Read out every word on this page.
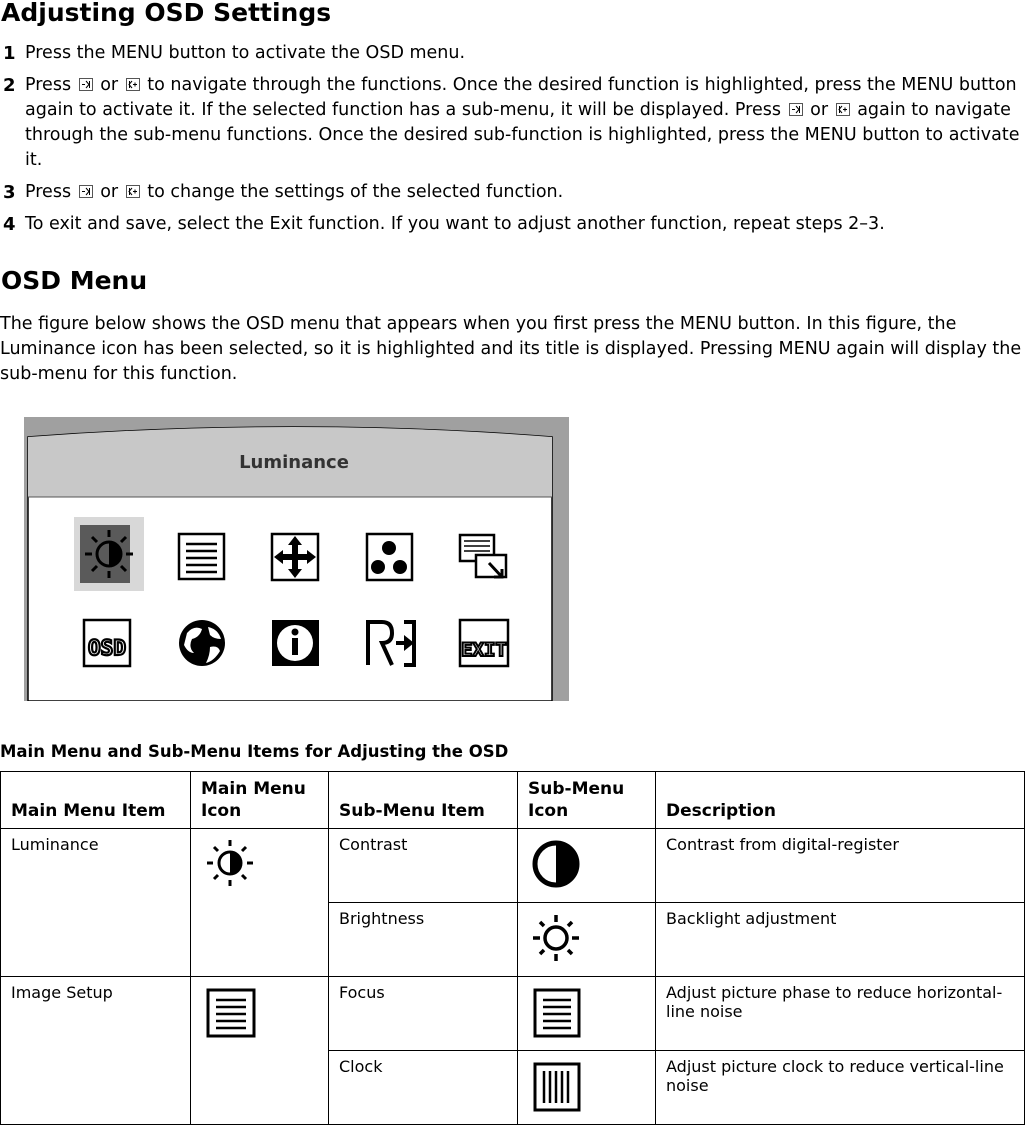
Adjusting OSD Settings
1 Press the MENU button to activate the OSD menu.
2 Press or to navigate through the functions. Once the desired function is highlighted, press the MENU button again to activate it. If the selected function has a sub-menu, it will be displayed. Press or again to navigate through the sub-menu functions. Once the desired sub-function is highlighted, press the MENU button to activate it.
3 Press or to change the settings of the selected function.
4 To exit and save, select the Exit function. If you want to adjust another function, repeat steps 2–3.
OSD Menu

The figure below shows the OSD menu that appears when you first press the MENU button. In this figure, the Luminance icon has been selected, so it is highlighted and its title is displayed. Pressing MENU again will display the sub-menu for this function.

Luminance
OSD	EXIT

Main Menu and Sub-Menu Items for Adjusting the OSD

Main Menu Item	Main Menu Icon	Sub-Menu Item	Sub-Menu Icon	Description
Luminance		Contrast		Contrast from digital-register
		Brightness		Backlight adjustment
Image Setup		Focus		Adjust picture phase to reduce horizontal-line noise
		Clock		Adjust picture clock to reduce vertical-line noise
